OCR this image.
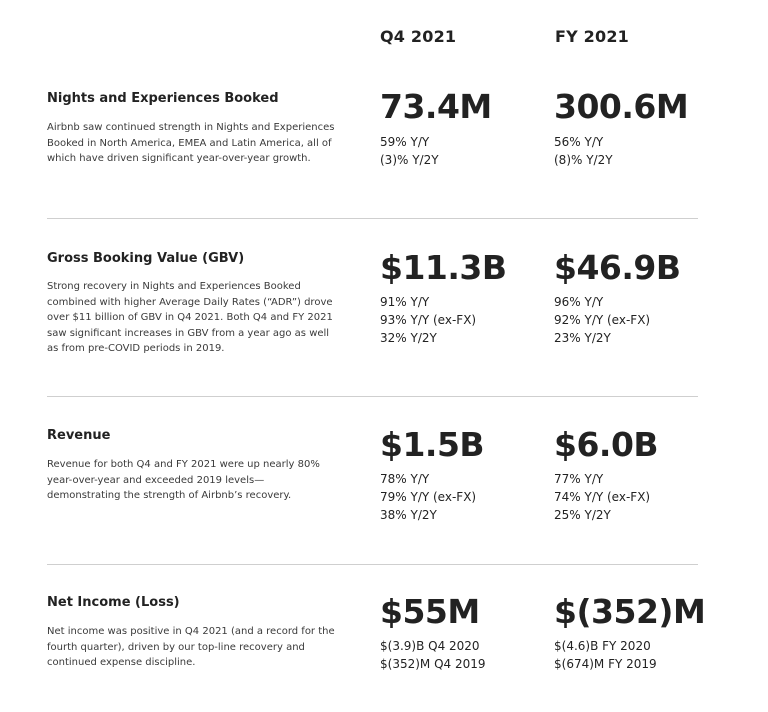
Q4 2021	FY 2021
Nights and Experiences Booked
Airbnb saw continued strength in Nights and Experiences Booked in North America, EMEA and Latin America, all of which have driven significant year-over-year growth.
73.4M 300.6M
59% Y/Y
(3)% Y/2Y
56% Y/Y
(8)% Y/2Y
Gross Booking Value (GBV)
Strong recovery in Nights and Experiences Booked combined with higher Average Daily Rates (“ADR”) drove over $11 billion of GBV in Q4 2021. Both Q4 and FY 2021 saw significant increases in GBV from a year ago as well as from pre-COVID periods in 2019.
$11.3B $46.9B
91% Y/Y
93% Y/Y (ex-FX)
32% Y/2Y
96% Y/Y
92% Y/Y (ex-FX)
23% Y/2Y
Revenue
Revenue for both Q4 and FY 2021 were up nearly 80% year-over-year and exceeded 2019 levels—demonstrating the strength of Airbnb’s recovery.
$1.5B $6.0B
78% Y/Y
79% Y/Y (ex-FX)
38% Y/2Y
77% Y/Y
74% Y/Y (ex-FX)
25% Y/2Y
Net Income (Loss)
Net income was positive in Q4 2021 (and a record for the fourth quarter), driven by our top-line recovery and continued expense discipline.
$55M $(352)M
$(3.9)B Q4 2020
$(352)M Q4 2019
$(4.6)B FY 2020
$(674)M FY 2019
